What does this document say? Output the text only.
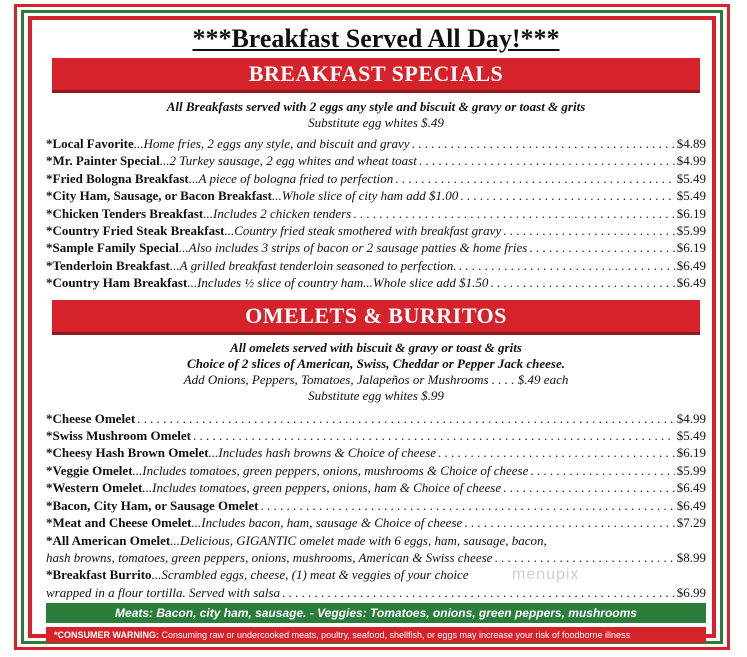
***Breakfast Served All Day!***
BREAKFAST SPECIALS
All Breakfasts served with 2 eggs any style and biscuit & gravy or toast & grits
Substitute egg whites $.49
*Local Favorite ...Home fries, 2 eggs any style, and biscuit and gravy . . .	$4.89
*Mr. Painter Special ...2 Turkey sausage, 2 egg whites and wheat toast . . .	$4.99
*Fried Bologna Breakfast ...A piece of bologna fried to perfection . . .	$5.49
*City Ham, Sausage, or Bacon Breakfast ...Whole slice of city ham add $1.00 . . .	$5.49
*Chicken Tenders Breakfast ...Includes 2 chicken tenders . . .	$6.19
*Country Fried Steak Breakfast ...Country fried steak smothered with breakfast gravy . . .	$5.99
*Sample Family Special ...Also includes 3 strips of bacon or 2 sausage patties & home fries . . .	$6.19
*Tenderloin Breakfast ...A grilled breakfast tenderloin seasoned to perfection. . . .	$6.49
*Country Ham Breakfast ...Includes ½ slice of country ham...Whole slice add $1.50 . . .	$6.49
OMELETS & BURRITOS
All omelets served with biscuit & gravy or toast & grits
Choice of 2 slices of American, Swiss, Cheddar or Pepper Jack cheese.
Add Onions, Peppers, Tomatoes, Jalapeños or Mushrooms . . . . $.49 each
Substitute egg whites $.99
*Cheese Omelet . . .	$4.99
*Swiss Mushroom Omelet . . .	$5.49
*Cheesy Hash Brown Omelet ...Includes hash browns & Choice of cheese . . .	$6.19
*Veggie Omelet ...Includes tomatoes, green peppers, onions, mushrooms & Choice of cheese . . .	$5.99
*Western Omelet ...Includes tomatoes, green peppers, onions, ham & Choice of cheese . . .	$6.49
*Bacon, City Ham, or Sausage Omelet . . .	$6.49
*Meat and Cheese Omelet ...Includes bacon, ham, sausage & Choice of cheese . . .	$7.29
*All American Omelet ...Delicious, GIGANTIC omelet made with 6 eggs, ham, sausage, bacon,
hash browns, tomatoes, green peppers, onions, mushrooms, American & Swiss cheese . . .	$8.99
*Breakfast Burrito ...Scrambled eggs, cheese, (1) meat & veggies of your choice
wrapped in a flour tortilla. Served with salsa . . .	$6.99
Meats: Bacon, city ham, sausage. - Veggies: Tomatoes, onions, green peppers, mushrooms
*CONSUMER WARNING: Consuming raw or undercooked meats, poultry, seafood, shellfish, or eggs may increase your risk of foodborne illness
menupix
